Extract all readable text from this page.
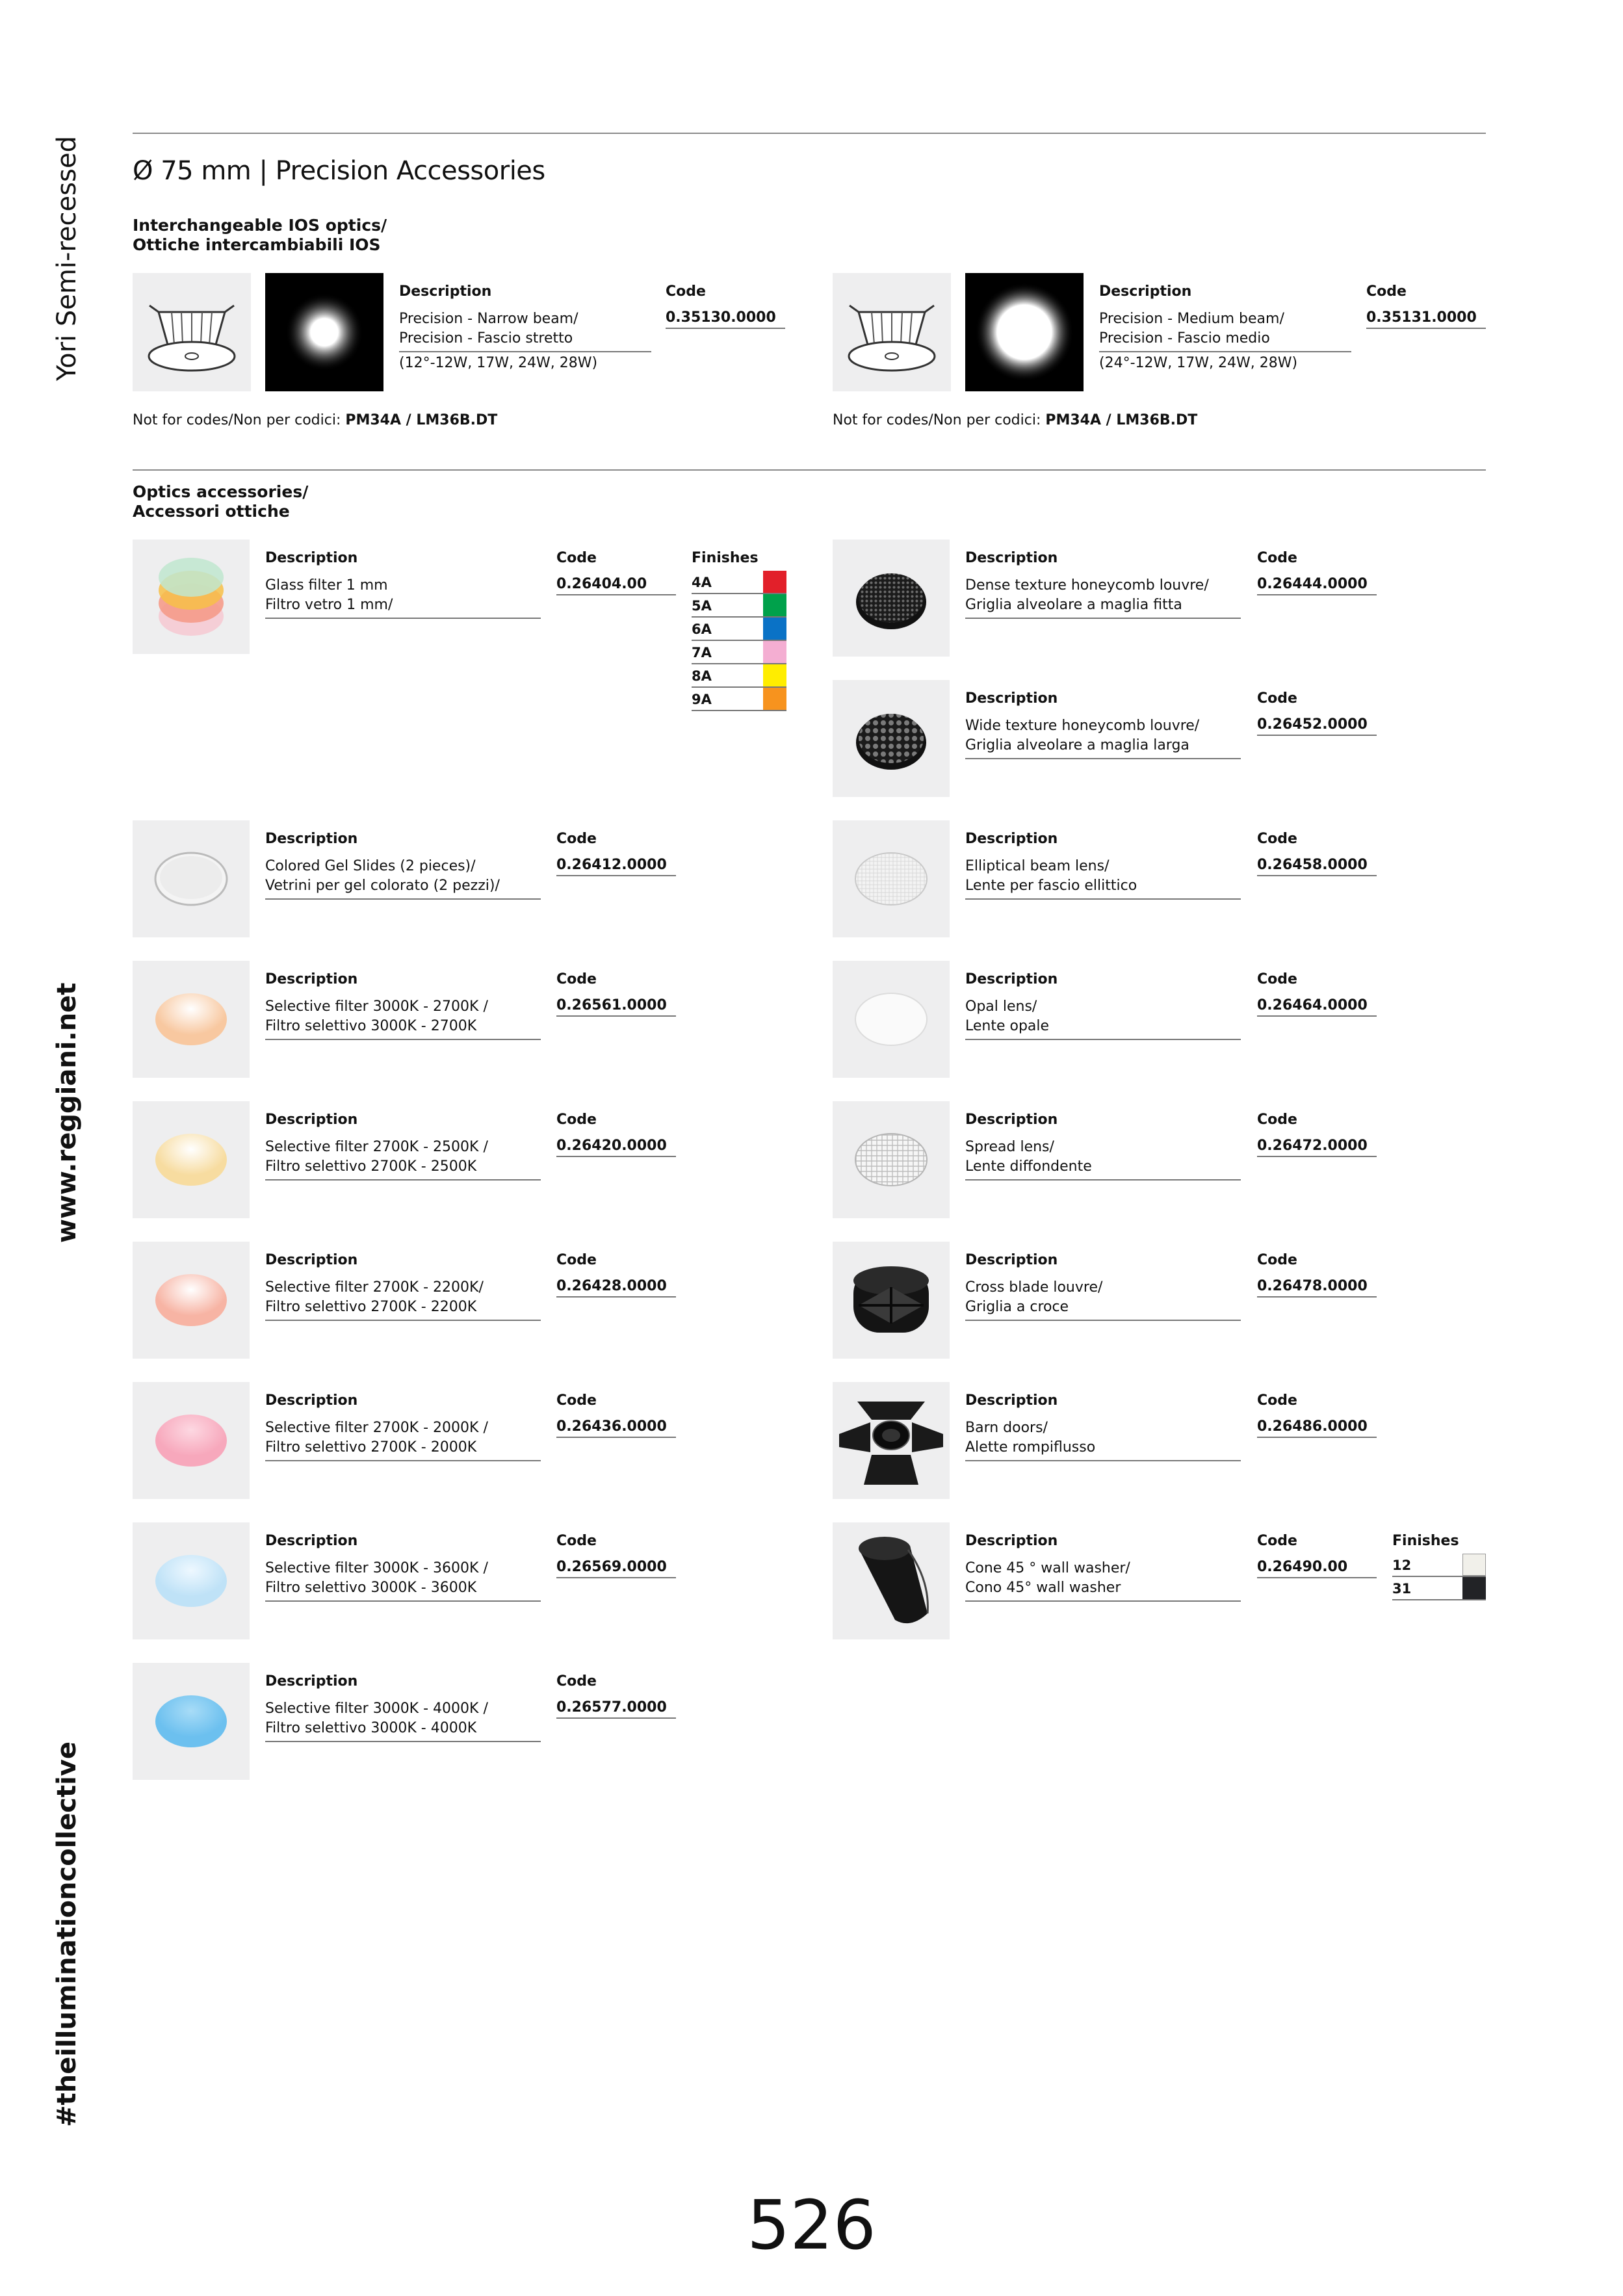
Yori Semi-recessed
www.reggiani.net
#theilluminationcollective
Ø 75 mm | Precision Accessories
Interchangeable IOS optics/
Ottiche intercambiabili IOS
Description
Precision - Narrow beam/
Precision - Fascio stretto
(12°-12W, 17W, 24W, 28W)
Code
0.35130.0000
Description
Precision - Medium beam/
Precision - Fascio medio
(24°-12W, 17W, 24W, 28W)
Code
0.35131.0000
Not for codes/Non per codici: PM34A / LM36B.DT	Not for codes/Non per codici: PM34A / LM36B.DT
Optics accessories/
Accessori ottiche
Description
Glass filter 1 mm
Filtro vetro 1 mm/
Code
0.26404.00
Finishes
4A
5A
6A
7A
8A
9A
Description
Colored Gel Slides (2 pieces)/
Vetrini per gel colorato (2 pezzi)/
Code
0.26412.0000
Description
Selective filter 3000K - 2700K /
Filtro selettivo 3000K - 2700K
Code
0.26561.0000
Description
Selective filter 2700K - 2500K /
Filtro selettivo 2700K - 2500K
Code
0.26420.0000
Description
Selective filter 2700K - 2200K/
Filtro selettivo 2700K - 2200K
Code
0.26428.0000
Description
Selective filter 2700K - 2000K /
Filtro selettivo 2700K - 2000K
Code
0.26436.0000
Description
Selective filter 3000K - 3600K /
Filtro selettivo 3000K - 3600K
Code
0.26569.0000
Description
Selective filter 3000K - 4000K /
Filtro selettivo 3000K - 4000K
Code
0.26577.0000
Description
Dense texture honeycomb louvre/
Griglia alveolare a maglia fitta
Code
0.26444.0000
Description
Wide texture honeycomb louvre/
Griglia alveolare a maglia larga
Code
0.26452.0000
Description
Elliptical beam lens/
Lente per fascio ellittico
Code
0.26458.0000
Description
Opal lens/
Lente opale
Code
0.26464.0000
Description
Spread lens/
Lente diffondente
Code
0.26472.0000
Description
Cross blade louvre/
Griglia a croce
Code
0.26478.0000
Description
Barn doors/
Alette rompiflusso
Code
0.26486.0000
Description
Cone 45 ° wall washer/
Cono 45° wall washer
Code
0.26490.00
Finishes
12
31
526
